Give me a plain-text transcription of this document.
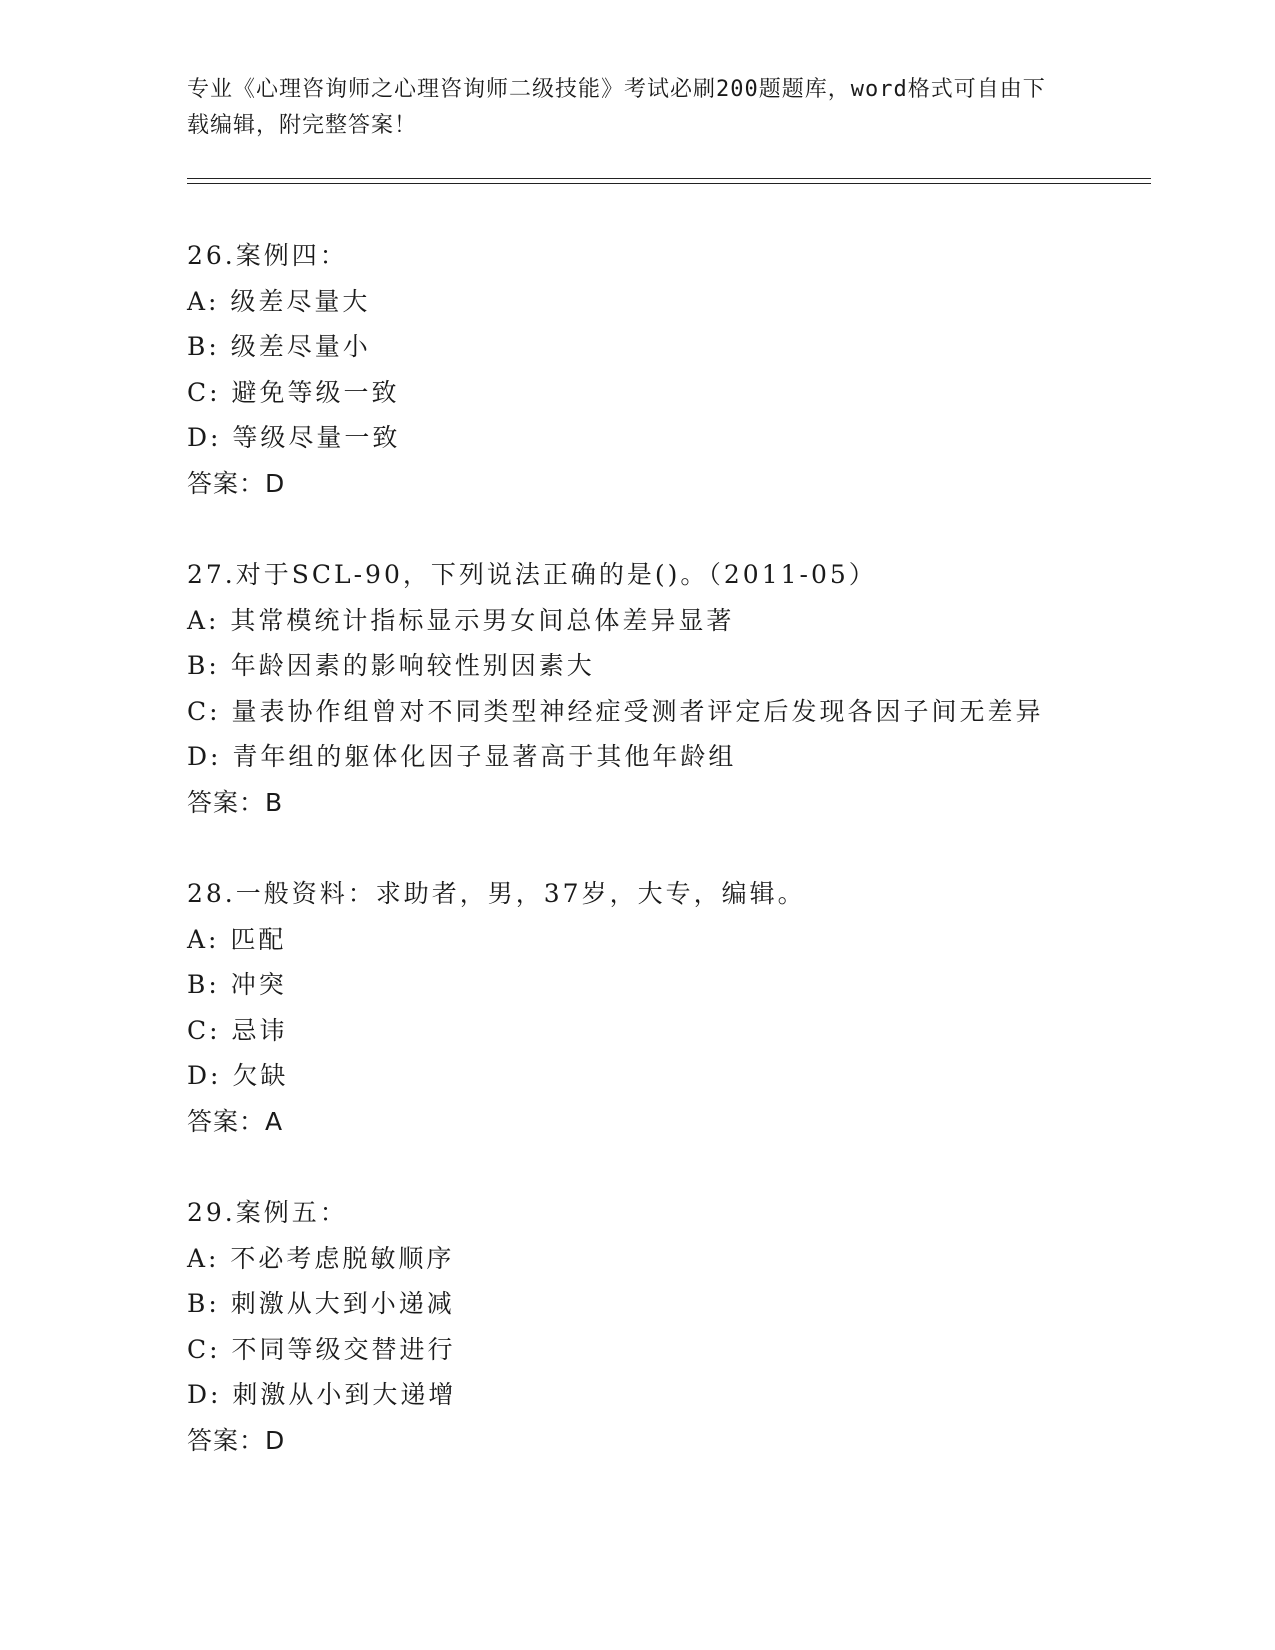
专业《心理咨询师之心理咨询师二级技能》考试必刷200题题库，word格式可自由下载编辑，附完整答案！
26.案例四：
A: 级差尽量大
B: 级差尽量小
C: 避免等级一致
D: 等级尽量一致
答案：D
27.对于SCL-90，下列说法正确的是()。（2011-05）
A: 其常模统计指标显示男女间总体差异显著
B: 年龄因素的影响较性别因素大
C: 量表协作组曾对不同类型神经症受测者评定后发现各因子间无差异
D: 青年组的躯体化因子显著高于其他年龄组
答案：B
28.一般资料：求助者，男，37岁，大专，编辑。
A: 匹配
B: 冲突
C: 忌讳
D: 欠缺
答案：A
29.案例五：
A: 不必考虑脱敏顺序
B: 刺激从大到小递减
C: 不同等级交替进行
D: 刺激从小到大递增
答案：D
